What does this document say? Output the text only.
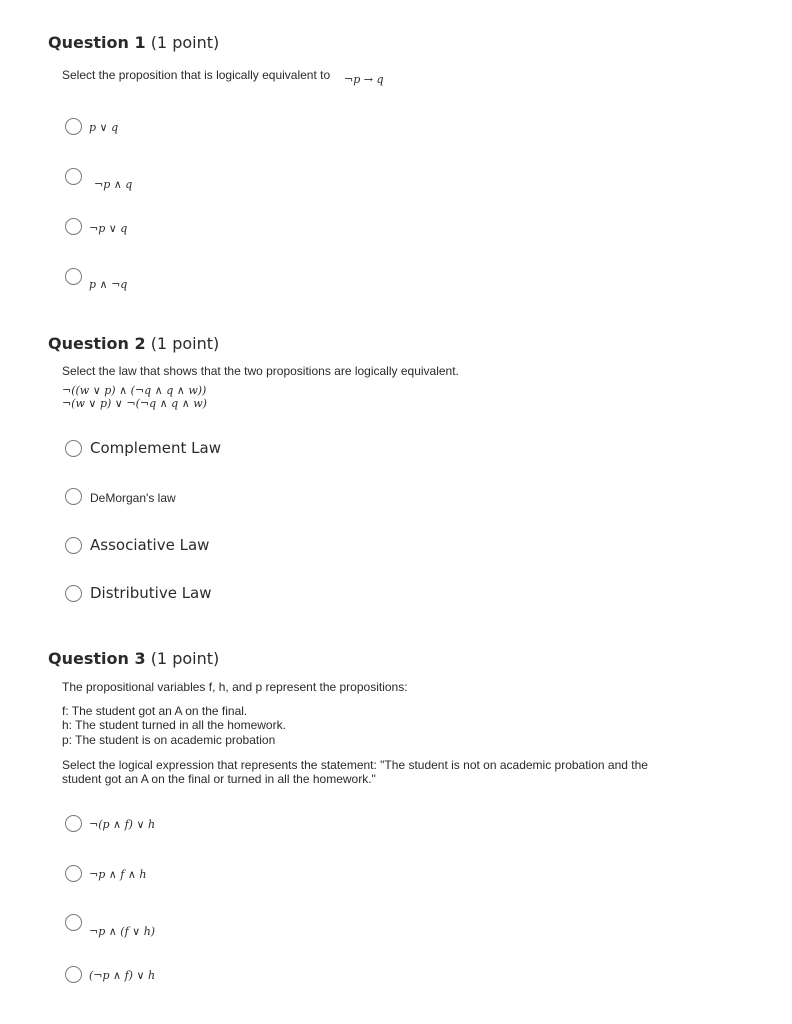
Question 1 (1 point)
Select the proposition that is logically equivalent to ¬p → q
p ∨ q
¬p ∧ q
¬p ∨ q
p ∧ ¬q
Question 2 (1 point)
Select the law that shows that the two propositions are logically equivalent.
¬((w ∨ p) ∧ (¬q ∧ q ∧ w))
¬(w ∨ p) ∨ ¬(¬q ∧ q ∧ w)
Complement Law
DeMorgan's law
Associative Law
Distributive Law
Question 3 (1 point)
The propositional variables f, h, and p represent the propositions:
f: The student got an A on the final.
h: The student turned in all the homework.
p: The student is on academic probation
Select the logical expression that represents the statement: "The student is not on academic probation and the
student got an A on the final or turned in all the homework."
¬(p ∧ f) ∨ h
¬p ∧ f ∧ h
¬p ∧ (f ∨ h)
(¬p ∧ f) ∨ h
